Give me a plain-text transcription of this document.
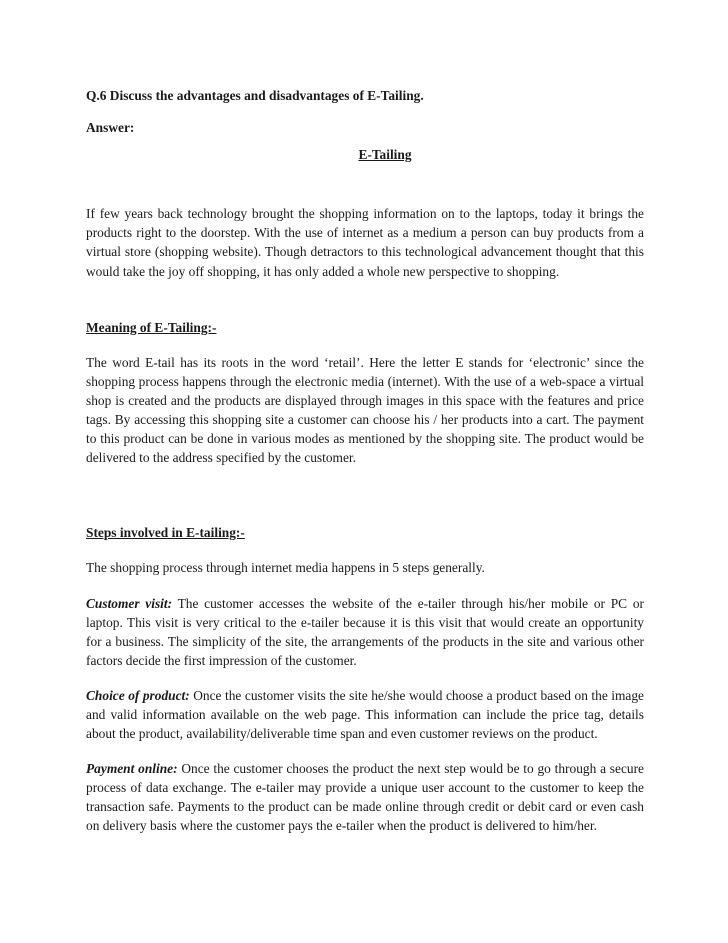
Q.6 Discuss the advantages and disadvantages of E-Tailing.

Answer:

E-Tailing

If few years back technology brought the shopping information on to the laptops, today it brings the products right to the doorstep. With the use of internet as a medium a person can buy products from a virtual store (shopping website). Though detractors to this technological advancement thought that this would take the joy off shopping, it has only added a whole new perspective to shopping.

Meaning of E-Tailing:-

The word E-tail has its roots in the word ‘retail’. Here the letter E stands for ‘electronic’ since the shopping process happens through the electronic media (internet). With the use of a web-space a virtual shop is created and the products are displayed through images in this space with the features and price tags. By accessing this shopping site a customer can choose his / her products into a cart. The payment to this product can be done in various modes as mentioned by the shopping site. The product would be delivered to the address specified by the customer.

Steps involved in E-tailing:-

The shopping process through internet media happens in 5 steps generally.

Customer visit: The customer accesses the website of the e-tailer through his/her mobile or PC or laptop. This visit is very critical to the e-tailer because it is this visit that would create an opportunity for a business. The simplicity of the site, the arrangements of the products in the site and various other factors decide the first impression of the customer.

Choice of product: Once the customer visits the site he/she would choose a product based on the image and valid information available on the web page. This information can include the price tag, details about the product, availability/deliverable time span and even customer reviews on the product.

Payment online: Once the customer chooses the product the next step would be to go through a secure process of data exchange. The e-tailer may provide a unique user account to the customer to keep the transaction safe. Payments to the product can be made online through credit or debit card or even cash on delivery basis where the customer pays the e-tailer when the product is delivered to him/her.
